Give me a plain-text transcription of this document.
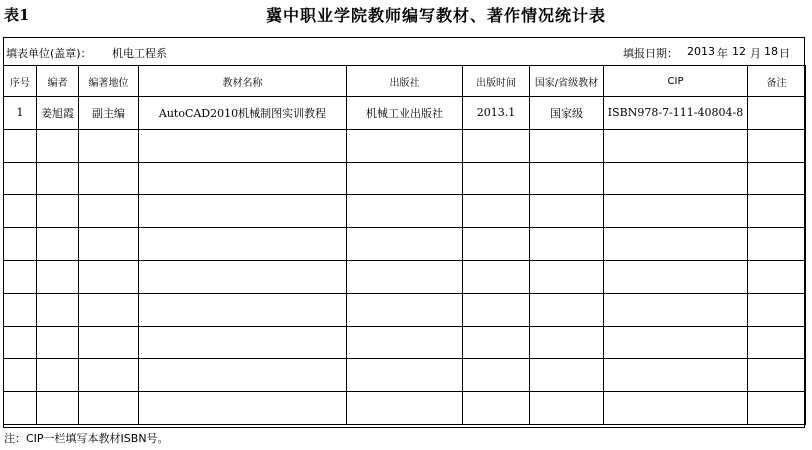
表1	冀中职业学院教师编写教材、著作情况统计表
填表单位(盖章)： 机电工程系	填报日期： 2013 年 12 月 18 日
序号	编者	编著地位	教材名称	出版社	出版时间	国家/省级教材	CIP	备注
1	姜旭霞	副主编	AutoCAD2010机械制图实训教程	机械工业出版社	2013.1	国家级	ISBN978-7-111-40804-8	

注：CIP一栏填写本教材ISBN号。
